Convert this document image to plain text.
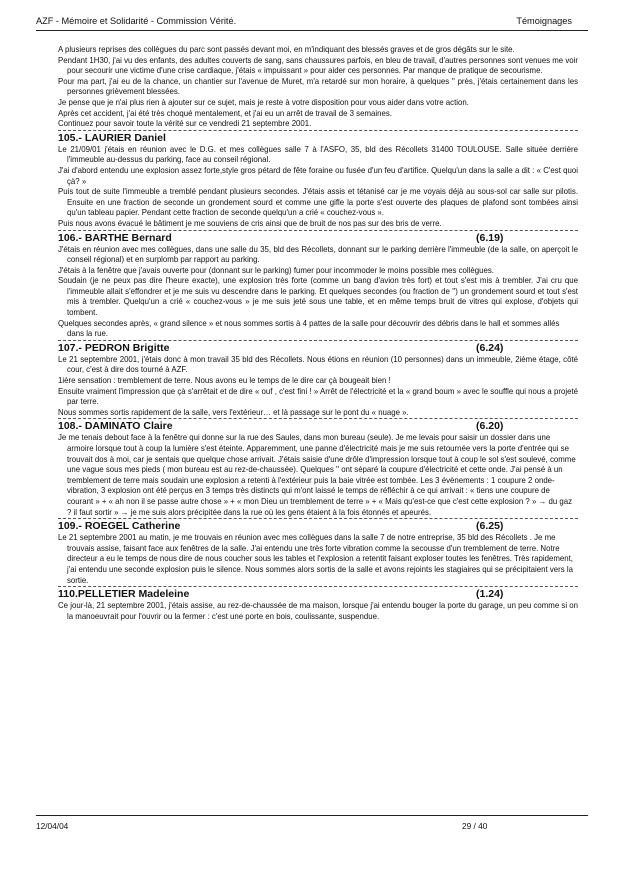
AZF - Mémoire et Solidarité - Commission Vérité.	Témoignages

A plusieurs reprises des collègues du parc sont passés devant moi, en m'indiquant des blessés graves et de gros dégâts sur le site.

Pendant 1H30, j'ai vu des enfants, des adultes couverts de sang, sans chaussures parfois, en bleu de travail, d'autres personnes sont venues me voir pour secourir une victime d'une crise cardiaque, j'étais « impuissant » pour aider ces personnes. Par manque de pratique de secourisme.

Pour ma part, j'ai eu de la chance, un chantier sur l'avenue de Muret, m'a retardé sur mon horaire, à quelques '' près, j'étais certainement dans les personnes grièvement blessées.

Je pense que je n'ai plus rien à ajouter sur ce sujet, mais je reste à votre disposition pour vous aider dans votre action.

Après cet accident, j'ai été très choqué mentalement, et j'ai eu un arrêt de travail de 3 semaines.

Continuez pour savoir toute la vérité sur ce vendredi 21 septembre 2001.

105.- LAURIER Daniel

Le 21/09/01 j'étais en réunion avec le D.G. et mes collègues salle 7 à l'ASFO, 35, bld des Récollets 31400 TOULOUSE. Salle située derrière l'immeuble au-dessus du parking, face au conseil régional.

J'ai d'abord entendu une explosion assez forte,style gros pétard de fête foraine ou fusée d'un feu d'artifice. Quelqu'un dans la salle a dit : « C'est quoi çà? »

Puis tout de suite l'immeuble a tremblé pendant plusieurs secondes. J'étais assis et tétanisé car je me voyais déjà au sous-sol car salle sur pilotis. Ensuite en une fraction de seconde un grondement sourd et comme une gifle la porte s'est ouverte des plaques de plafond sont tombées ainsi qu'un tableau papier. Pendant cette fraction de seconde quelqu'un a crié « couchez-vous ».

Puis nous avons évacué le bâtiment je me souviens de cris ainsi que de bruit de nos pas sur des bris de verre.

106.- BARTHE Bernard	(6.19)

J'étais en réunion avec mes collègues, dans une salle du 35, bld des Récollets, donnant sur le parking derrière l'immeuble (de la salle, on aperçoit le conseil régional) et en surplomb par rapport au parking.

J'étais à la fenêtre que j'avais ouverte pour (donnant sur le parking) fumer pour incommoder le moins possible mes collègues.

Soudain (je ne peux pas dire l'heure exacte), une explosion très forte (comme un bang d'avion très fort) et tout s'est mis à trembler. J'ai cru que l'immeuble allait s'effondrer et je me suis vu descendre dans le parking. Et quelques secondes (ou fraction de '') un grondement sourd et tout s'est mis à trembler. Quelqu'un a crié « couchez-vous » je me suis jeté sous une table, et en même temps bruit de vitres qui explose, d'objets qui tombent.

Quelques secondes après, « grand silence » et nous sommes sortis à 4 pattes de la salle pour découvrir des débris dans le hall et sommes allés dans la rue.

107.- PEDRON Brigitte	(6.24)

Le 21 septembre 2001, j'étais donc à mon travail 35 bld des Récollets. Nous étions en réunion (10 personnes) dans un immeuble, 2ième étage, côté cour, c'est à dire dos tourné à AZF.

1ière sensation : tremblement de terre. Nous avons eu le temps de le dire car çà bougeait bien !

Ensuite vraiment l'impression que çà s'arrêtait et de dire « ouf , c'est fini ! » Arrêt de l'électricité et la « grand boum » avec le souffle qui nous a projeté par terre.

Nous sommes sortis rapidement de la salle, vers l'extérieur… et là passage sur le pont du « nuage ».

108.- DAMINATO Claire	(6.20)

Je me tenais debout face à la fenêtre qui donne sur la rue des Saules, dans mon bureau (seule). Je me levais pour saisir un dossier dans une armoire lorsque tout à coup la lumière s'est éteinte. Apparemment, une panne d'électricité mais je me suis retournée vers la porte d'entrée qui se trouvait dos à moi, car je sentais que quelque chose arrivait. J'étais saisie d'une drôle d'impression lorsque tout à coup le sol s'est soulevé, comme une vague sous mes pieds ( mon bureau est au rez-de-chaussée). Quelques '' ont séparé la coupure d'électricité et cette onde. J'ai pensé à un tremblement de terre mais soudain une explosion a retenti à l'extérieur puis la baie vitrée est tombée. Les 3 évènements : 1 coupure 2 onde-vibration, 3 explosion ont été perçus en 3 temps très distincts qui m'ont laissé le temps de réfléchir à ce qui arrivait : « tiens une coupure de courant » + « ah non il se passe autre chose » + « mon Dieu un tremblement de terre » + « Mais qu'est-ce que c'est cette explosion ? » → du gaz ? il faut sortir » → je me suis alors précipitée dans la rue où les gens étaient à la fois étonnés et apeurés.

109.- ROEGEL Catherine	(6.25)

Le 21 septembre 2001 au matin, je me trouvais en réunion avec mes collègues dans la salle 7 de notre entreprise, 35 bld des Récollets . Je me trouvais assise, faisant face aux fenêtres de la salle. J'ai entendu une très forte vibration comme la secousse d'un tremblement de terre. Notre directeur a eu le temps de nous dire de nous coucher sous les tables et l'explosion a retentit faisant exploser toutes les fenêtres. Très rapidement, j'ai entendu une seconde explosion puis le silence. Nous sommes alors sortis de la salle et avons rejoints les stagiaires qui se précipitaient vers la sortie.

110.PELLETIER Madeleine	(1.24)

Ce jour-là, 21 septembre 2001, j'étais assise, au rez-de-chaussée de ma maison, lorsque j'ai entendu bouger la porte du garage, un peu comme si on la manoeuvrait pour l'ouvrir ou la fermer : c'est une porte en bois, coulissante, suspendue.

12/04/04	29 / 40
